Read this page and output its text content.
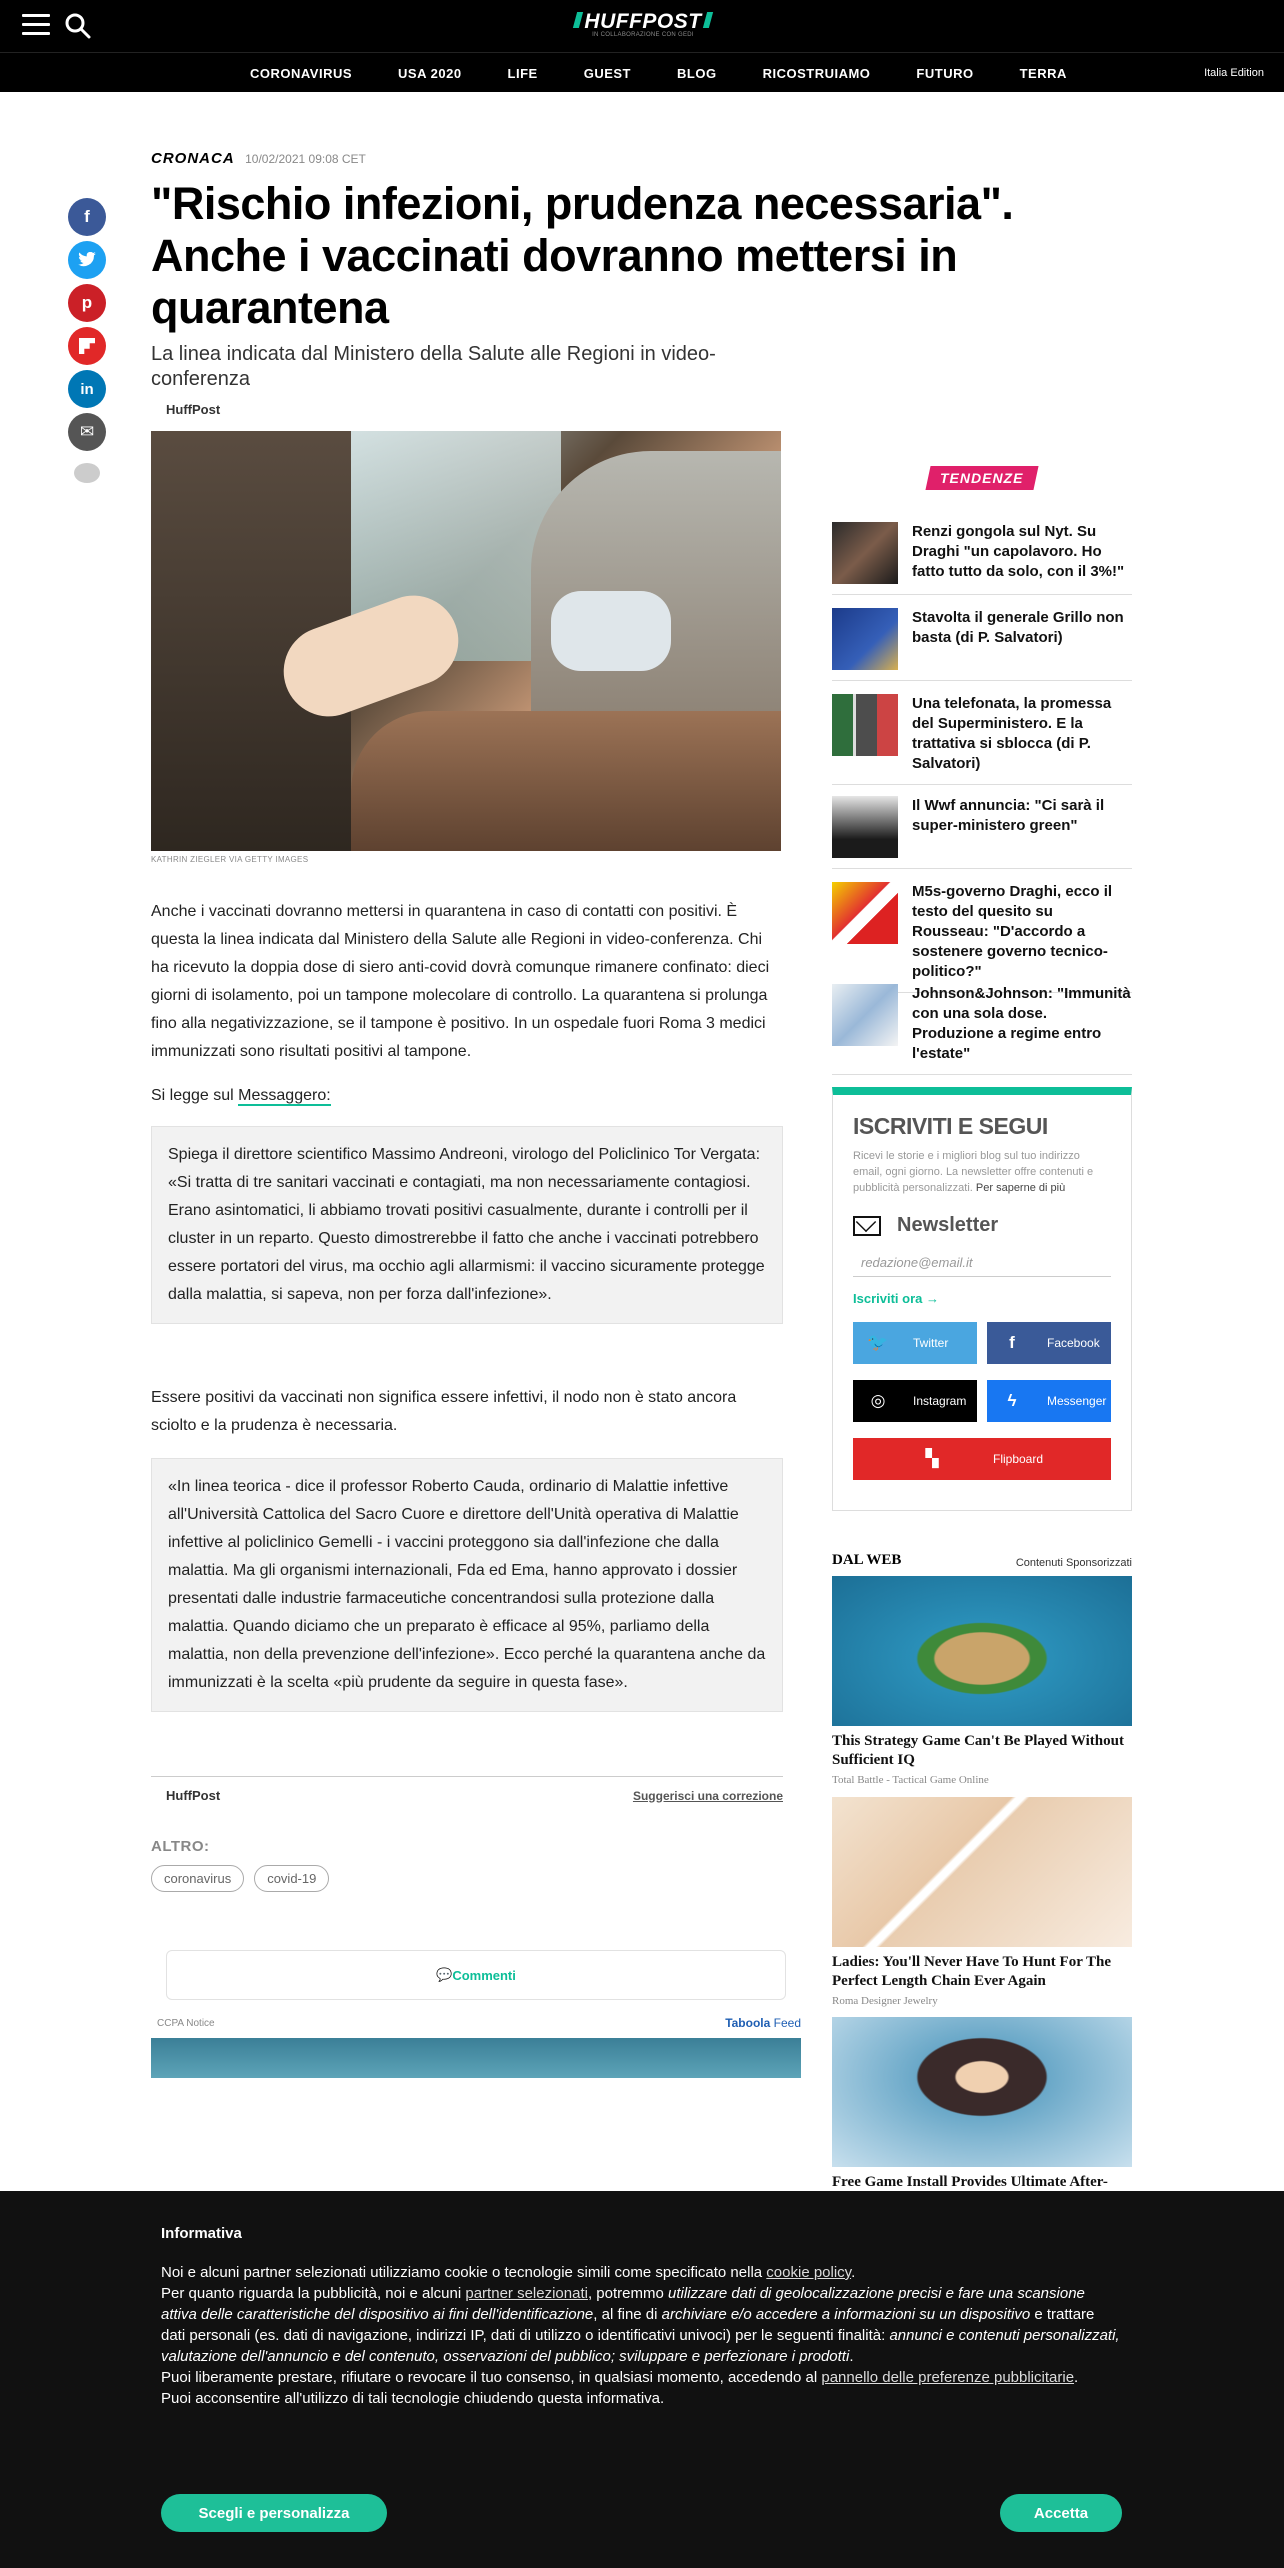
HUFFPOST
IN COLLABORAZIONE CON GEDI
CORONAVIRUS	USA 2020	LIFE	GUEST	BLOG	RICOSTRUIAMO	FUTURO	TERRA	Italia Edition
f
p
in
✉
CRONACA 10/02/2021 09:08 CET
"Rischio infezioni, prudenza necessaria". Anche i vaccinati dovranno mettersi in quarantena
La linea indicata dal Ministero della Salute alle Regioni in video-conferenza
HuffPost
KATHRIN ZIEGLER VIA GETTY IMAGES

Anche i vaccinati dovranno mettersi in quarantena in caso di contatti con positivi. È questa la linea indicata dal Ministero della Salute alle Regioni in video-conferenza. Chi ha ricevuto la doppia dose di siero anti-covid dovrà comunque rimanere confinato: dieci giorni di isolamento, poi un tampone molecolare di controllo. La quarantena si prolunga fino alla negativizzazione, se il tampone è positivo. In un ospedale fuori Roma 3 medici immunizzati sono risultati positivi al tampone.

Si legge sul Messaggero:

Spiega il direttore scientifico Massimo Andreoni, virologo del Policlinico Tor Vergata: «Si tratta di tre sanitari vaccinati e contagiati, ma non necessariamente contagiosi. Erano asintomatici, li abbiamo trovati positivi casualmente, durante i controlli per il cluster in un reparto. Questo dimostrerebbe il fatto che anche i vaccinati potrebbero essere portatori del virus, ma occhio agli allarmismi: il vaccino sicuramente protegge dalla malattia, si sapeva, non per forza dall'infezione».

Essere positivi da vaccinati non significa essere infettivi, il nodo non è stato ancora sciolto e la prudenza è necessaria.

«In linea teorica - dice il professor Roberto Cauda, ordinario di Malattie infettive all'Università Cattolica del Sacro Cuore e direttore dell'Unità operativa di Malattie infettive al policlinico Gemelli - i vaccini proteggono sia dall'infezione che dalla malattia. Ma gli organismi internazionali, Fda ed Ema, hanno approvato i dossier presentati dalle industrie farmaceutiche concentrandosi sulla protezione dalla malattia. Quando diciamo che un preparato è efficace al 95%, parliamo della malattia, non della prevenzione dell'infezione». Ecco perché la quarantena anche da immunizzati è la scelta «più prudente da seguire in questa fase».

HuffPost	Suggerisci una correzione
ALTRO:
coronavirus	covid-19
💬 Commenti
CCPA Notice	Taboola Feed
TENDENZE
Renzi gongola sul Nyt. Su Draghi "un capolavoro. Ho fatto tutto da solo, con il 3%!"
Stavolta il generale Grillo non basta (di P. Salvatori)
Una telefonata, la promessa del Superministero. E la trattativa si sblocca (di P. Salvatori)
Il Wwf annuncia: "Ci sarà il super-ministero green"
M5s-governo Draghi, ecco il testo del quesito su Rousseau: "D'accordo a sostenere governo tecnico-politico?"
Johnson&Johnson: "Immunità con una sola dose. Produzione a regime entro l'estate"
ISCRIVITI E SEGUI
Ricevi le storie e i migliori blog sul tuo indirizzo email, ogni giorno. La newsletter offre contenuti e pubblicità personalizzati. Per saperne di più
Newsletter
redazione@email.it
Iscriviti ora →
🐦 Twitter	f	Facebook
◎ Instagram	ϟ	Messenger
▚	Flipboard
DAL WEB	Contenuti Sponsorizzati
This Strategy Game Can't Be Played Without Sufficient IQ
Total Battle - Tactical Game Online
Ladies: You'll Never Have To Hunt For The Perfect Length Chain Ever Again
Roma Designer Jewelry
Free Game Install Provides Ultimate After-
Informativa
Noi e alcuni partner selezionati utilizziamo cookie o tecnologie simili come specificato nella cookie policy.
Per quanto riguarda la pubblicità, noi e alcuni partner selezionati, potremmo utilizzare dati di geolocalizzazione precisi e fare una scansione attiva delle caratteristiche del dispositivo ai fini dell'identificazione, al fine di archiviare e/o accedere a informazioni su un dispositivo e trattare dati personali (es. dati di navigazione, indirizzi IP, dati di utilizzo o identificativi univoci) per le seguenti finalità: annunci e contenuti personalizzati, valutazione dell'annuncio e del contenuto, osservazioni del pubblico; sviluppare e perfezionare i prodotti.
Puoi liberamente prestare, rifiutare o revocare il tuo consenso, in qualsiasi momento, accedendo al pannello delle preferenze pubblicitarie.
Puoi acconsentire all'utilizzo di tali tecnologie chiudendo questa informativa.
Scegli e personalizza	Accetta
